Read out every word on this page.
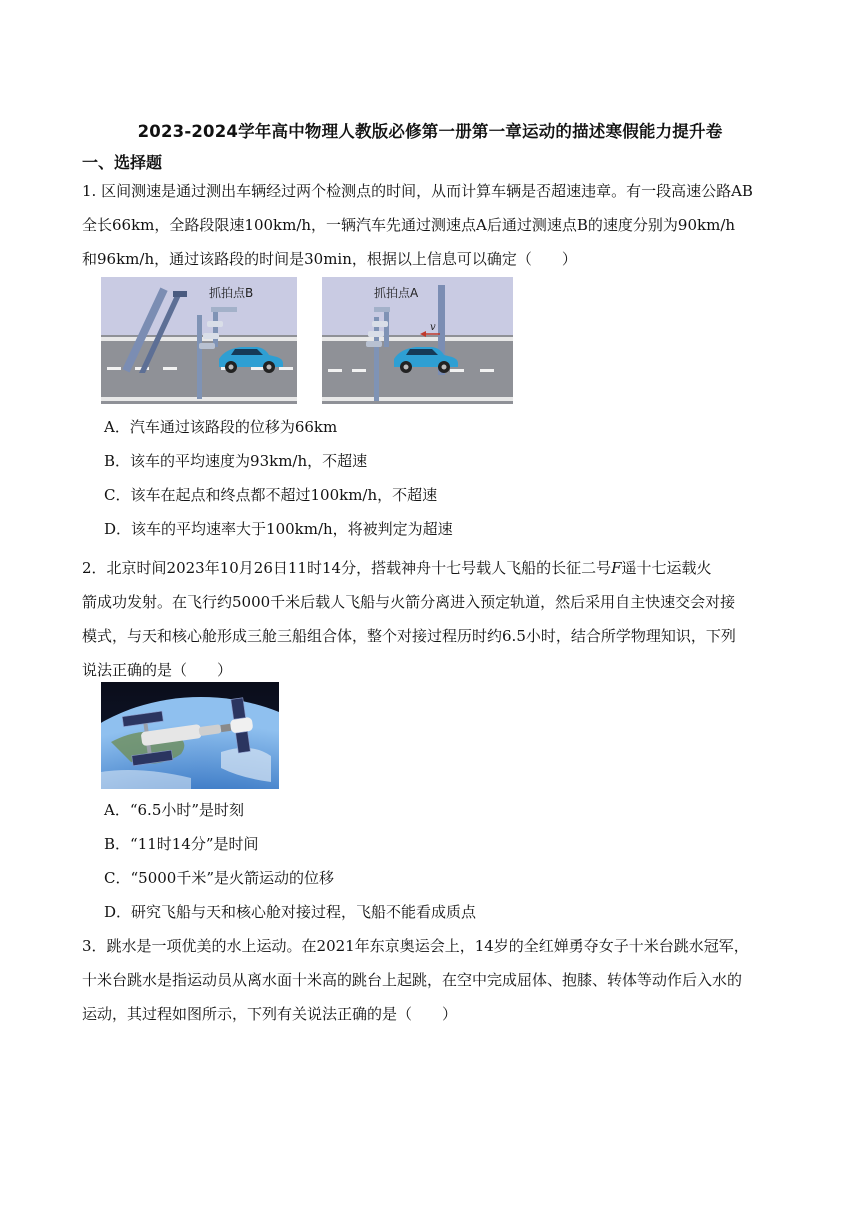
2023-2024学年高中物理人教版必修第一册第一章运动的描述寒假能力提升卷
一、选择题
1. 区间测速是通过测出车辆经过两个检测点的时间，从而计算车辆是否超速违章。有一段高速公路AB
全长66km，全路段限速100km/h，一辆汽车先通过测速点A后通过测速点B的速度分别为90km/h
和96km/h，通过该路段的时间是30min，根据以上信息可以确定（　　）
抓拍点B
v
抓拍点A
A．汽车通过该路段的位移为66km
B．该车的平均速度为93km/h，不超速
C．该车在起点和终点都不超过100km/h，不超速
D．该车的平均速率大于100km/h，将被判定为超速
2．北京时间2023年10月26日11时14分，搭载神舟十七号载人飞船的长征二号F遥十七运载火
箭成功发射。在飞行约5000千米后载人飞船与火箭分离进入预定轨道，然后采用自主快速交会对接
模式，与天和核心舱形成三舱三船组合体，整个对接过程历时约6.5小时，结合所学物理知识，下列
说法正确的是（　　）
A．“6.5小时”是时刻
B．“11时14分”是时间
C．“5000千米”是火箭运动的位移
D．研究飞船与天和核心舱对接过程，飞船不能看成质点
3．跳水是一项优美的水上运动。在2021年东京奥运会上，14岁的全红婵勇夺女子十米台跳水冠军，
十米台跳水是指运动员从离水面十米高的跳台上起跳，在空中完成屈体、抱膝、转体等动作后入水的
运动，其过程如图所示，下列有关说法正确的是（　　）
